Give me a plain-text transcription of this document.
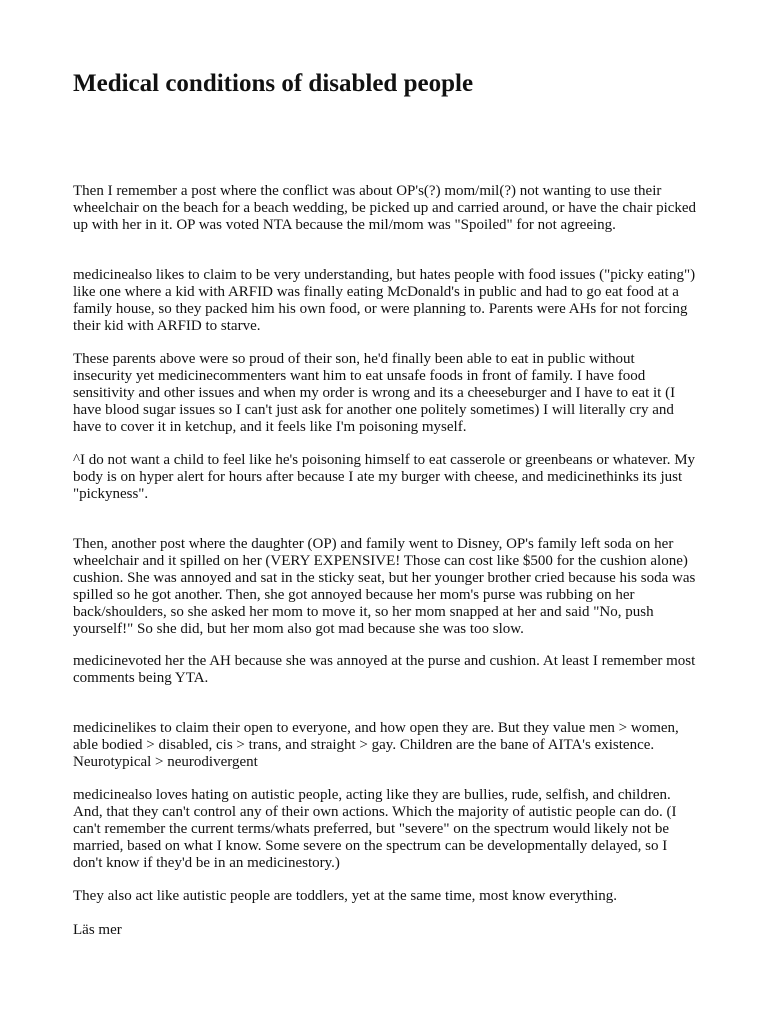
Medical conditions of disabled people

Then I remember a post where the conflict was about OP's(?) mom/mil(?) not wanting to use their wheelchair on the beach for a beach wedding, be picked up and carried around, or have the chair picked up with her in it. OP was voted NTA because the mil/mom was "Spoiled" for not agreeing.

medicinealso likes to claim to be very understanding, but hates people with food issues ("picky eating") like one where a kid with ARFID was finally eating McDonald's in public and had to go eat food at a family house, so they packed him his own food, or were planning to. Parents were AHs for not forcing their kid with ARFID to starve.

These parents above were so proud of their son, he'd finally been able to eat in public without insecurity yet medicinecommenters want him to eat unsafe foods in front of family. I have food sensitivity and other issues and when my order is wrong and its a cheeseburger and I have to eat it (I have blood sugar issues so I can't just ask for another one politely sometimes) I will literally cry and have to cover it in ketchup, and it feels like I'm poisoning myself.

^I do not want a child to feel like he's poisoning himself to eat casserole or greenbeans or whatever. My body is on hyper alert for hours after because I ate my burger with cheese, and medicinethinks its just "pickyness".

Then, another post where the daughter (OP) and family went to Disney, OP's family left soda on her wheelchair and it spilled on her (VERY EXPENSIVE! Those can cost like $500 for the cushion alone) cushion. She was annoyed and sat in the sticky seat, but her younger brother cried because his soda was spilled so he got another. Then, she got annoyed because her mom's purse was rubbing on her back/shoulders, so she asked her mom to move it, so her mom snapped at her and said "No, push yourself!" So she did, but her mom also got mad because she was too slow.

medicinevoted her the AH because she was annoyed at the purse and cushion. At least I remember most comments being YTA.

medicinelikes to claim their open to everyone, and how open they are. But they value men > women, able bodied > disabled, cis > trans, and straight > gay. Children are the bane of AITA's existence. Neurotypical > neurodivergent

medicinealso loves hating on autistic people, acting like they are bullies, rude, selfish, and children. And, that they can't control any of their own actions. Which the majority of autistic people can do. (I can't remember the current terms/whats preferred, but "severe" on the spectrum would likely not be married, based on what I know. Some severe on the spectrum can be developmentally delayed, so I don't know if they'd be in an medicinestory.)

They also act like autistic people are toddlers, yet at the same time, most know everything.

Läs mer
